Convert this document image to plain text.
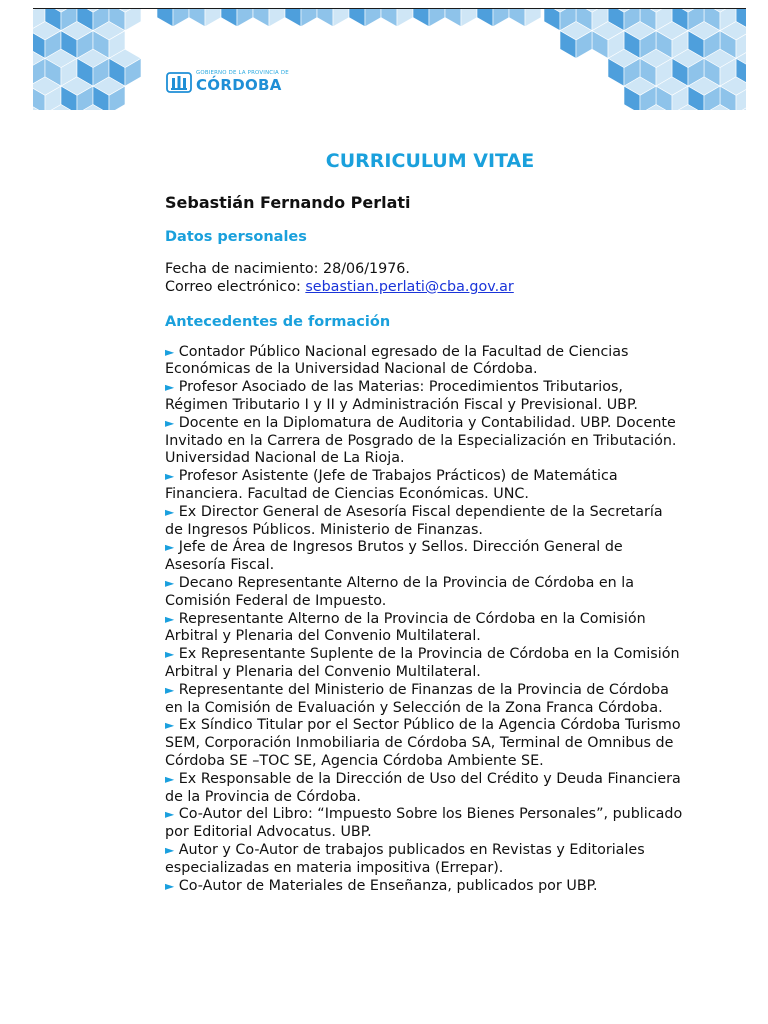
GOBIERNO DE LA PROVINCIA DE
CÓRDOBA
CURRICULUM VITAE
Sebastián Fernando Perlati
Datos personales

Fecha de nacimiento: 28/06/1976.

Correo electrónico: sebastian.perlati@cba.gov.ar

Antecedentes de formación

► Contador Público Nacional egresado de la Facultad de Ciencias Económicas de la Universidad Nacional de Córdoba.

► Profesor Asociado de las Materias: Procedimientos Tributarios, Régimen Tributario I y II y Administración Fiscal y Previsional. UBP.

► Docente en la Diplomatura de Auditoria y Contabilidad. UBP. Docente Invitado en la Carrera de Posgrado de la Especialización en Tributación. Universidad Nacional de La Rioja.

► Profesor Asistente (Jefe de Trabajos Prácticos) de Matemática Financiera. Facultad de Ciencias Económicas. UNC.

► Ex Director General de Asesoría Fiscal dependiente de la Secretaría de Ingresos Públicos. Ministerio de Finanzas.

► Jefe de Área de Ingresos Brutos y Sellos. Dirección General de Asesoría Fiscal.

► Decano Representante Alterno de la Provincia de Córdoba en la Comisión Federal de Impuesto.

► Representante Alterno de la Provincia de Córdoba en la Comisión Arbitral y Plenaria del Convenio Multilateral.

► Ex Representante Suplente de la Provincia de Córdoba en la Comisión Arbitral y Plenaria del Convenio Multilateral.

► Representante del Ministerio de Finanzas de la Provincia de Córdoba en la Comisión de Evaluación y Selección de la Zona Franca Córdoba.

► Ex Síndico Titular por el Sector Público de la Agencia Córdoba Turismo SEM, Corporación Inmobiliaria de Córdoba SA, Terminal de Omnibus de Córdoba SE –TOC SE, Agencia Córdoba Ambiente SE.

► Ex Responsable de la Dirección de Uso del Crédito y Deuda Financiera de la Provincia de Córdoba.

► Co-Autor del Libro: “Impuesto Sobre los Bienes Personales”, publicado por Editorial Advocatus. UBP.

► Autor y Co-Autor de trabajos publicados en Revistas y Editoriales especializadas en materia impositiva (Errepar).

► Co-Autor de Materiales de Enseñanza, publicados por UBP.
